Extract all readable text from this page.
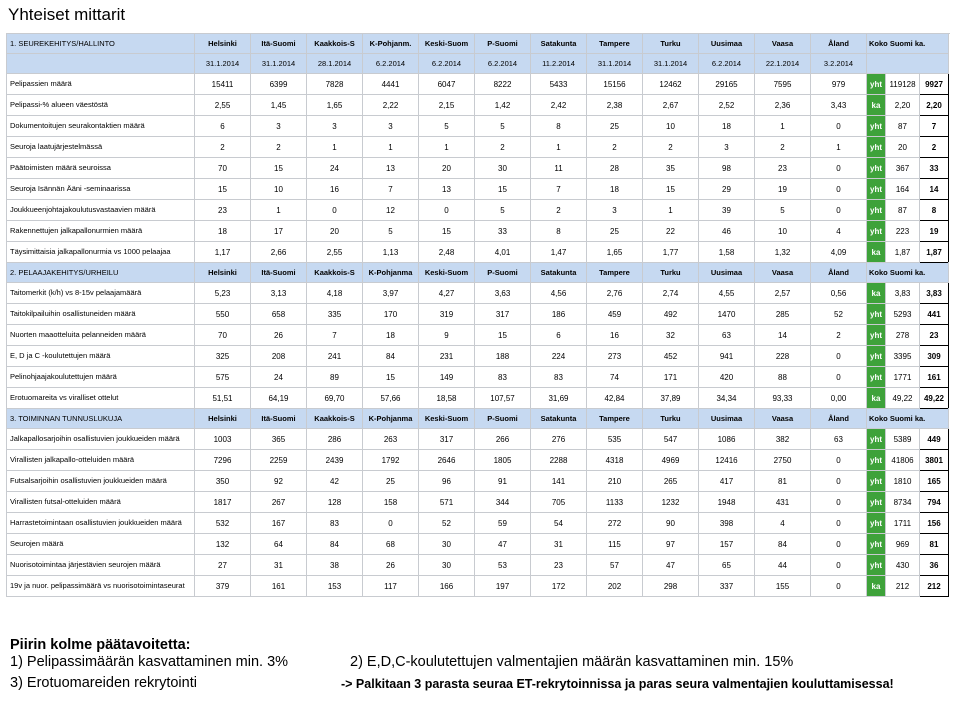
Yhteiset mittarit
1. SEUREKEHITYS/HALLINTO	Helsinki	Itä-Suomi	Kaakkois-S	K-Pohjanm.	Keski-Suom	P-Suomi	Satakunta	Tampere	Turku	Uusimaa	Vaasa	Åland	Koko Suomi ka.		
	31.1.2014	31.1.2014	28.1.2014	6.2.2014	6.2.2014	6.2.2014	11.2.2014	31.1.2014	31.1.2014	6.2.2014	22.1.2014	3.2.2014			
Pelipassien määrä	15411	6399	7828	4441	6047	8222	5433	15156	12462	29165	7595	979	yht	119128	9927
Pelipassi-% alueen väestöstä	2,55	1,45	1,65	2,22	2,15	1,42	2,42	2,38	2,67	2,52	2,36	3,43	ka	2,20	2,20
Dokumentoitujen seurakontaktien määrä	6	3	3	3	5	5	8	25	10	18	1	0	yht	87	7
Seuroja laatujärjestelmässä	2	2	1	1	1	2	1	2	2	3	2	1	yht	20	2
Päätoimisten määrä seuroissa	70	15	24	13	20	30	11	28	35	98	23	0	yht	367	33
Seuroja Isännän Ääni -seminaarissa	15	10	16	7	13	15	7	18	15	29	19	0	yht	164	14
Joukkueenjohtajakoulutusvastaavien määrä	23	1	0	12	0	5	2	3	1	39	5	0	yht	87	8
Rakennettujen jalkapallonurmien määrä	18	17	20	5	15	33	8	25	22	46	10	4	yht	223	19
Täysimittaisia jalkapallonurmia vs 1000 pelaajaa	1,17	2,66	2,55	1,13	2,48	4,01	1,47	1,65	1,77	1,58	1,32	4,09	ka	1,87	1,87
2. PELAAJAKEHITYS/URHEILU	Helsinki	Itä-Suomi	Kaakkois-S	K-Pohjanma	Keski-Suom	P-Suomi	Satakunta	Tampere	Turku	Uusimaa	Vaasa	Åland	Koko Suomi ka.		
Taitomerkit (k/h) vs 8-15v pelaajamäärä	5,23	3,13	4,18	3,97	4,27	3,63	4,56	2,76	2,74	4,55	2,57	0,56	ka	3,83	3,83
Taitokilpailuihin osallistuneiden määrä	550	658	335	170	319	317	186	459	492	1470	285	52	yht	5293	441
Nuorten maaotteluita pelanneiden määrä	70	26	7	18	9	15	6	16	32	63	14	2	yht	278	23
E, D ja C -koulutettujen määrä	325	208	241	84	231	188	224	273	452	941	228	0	yht	3395	309
Pelinohjaajakoulutettujen määrä	575	24	89	15	149	83	83	74	171	420	88	0	yht	1771	161
Erotuomareita vs viralliset ottelut	51,51	64,19	69,70	57,66	18,58	107,57	31,69	42,84	37,89	34,34	93,33	0,00	ka	49,22	49,22
3. TOIMINNAN TUNNUSLUKUJA	Helsinki	Itä-Suomi	Kaakkois-S	K-Pohjanma	Keski-Suom	P-Suomi	Satakunta	Tampere	Turku	Uusimaa	Vaasa	Åland	Koko Suomi ka.		
Jalkapallosarjoihin osallistuvien joukkueiden määrä	1003	365	286	263	317	266	276	535	547	1086	382	63	yht	5389	449
Virallisten jalkapallo-otteluiden määrä	7296	2259	2439	1792	2646	1805	2288	4318	4969	12416	2750	0	yht	41806	3801
Futsalsarjoihin osallistuvien joukkueiden määrä	350	92	42	25	96	91	141	210	265	417	81	0	yht	1810	165
Virallisten futsal-otteluiden määrä	1817	267	128	158	571	344	705	1133	1232	1948	431	0	yht	8734	794
Harrastetoimintaan osallistuvien joukkueiden määrä	532	167	83	0	52	59	54	272	90	398	4	0	yht	1711	156
Seurojen määrä	132	64	84	68	30	47	31	115	97	157	84	0	yht	969	81
Nuorisotoimintaa järjestävien seurojen määrä	27	31	38	26	30	53	23	57	47	65	44	0	yht	430	36
19v ja nuor. pelipassimäärä vs nuorisotoimintaseurat	379	161	153	117	166	197	172	202	298	337	155	0	ka	212	212
Piirin kolme päätavoitetta:
1) Pelipassimäärän kasvattaminen min. 3%	2) E,D,C-koulutettujen valmentajien määrän kasvattaminen min. 15%
3) Erotuomareiden rekrytointi	-> Palkitaan 3 parasta seuraa ET-rekrytoinnissa ja paras seura valmentajien kouluttamisessa!
